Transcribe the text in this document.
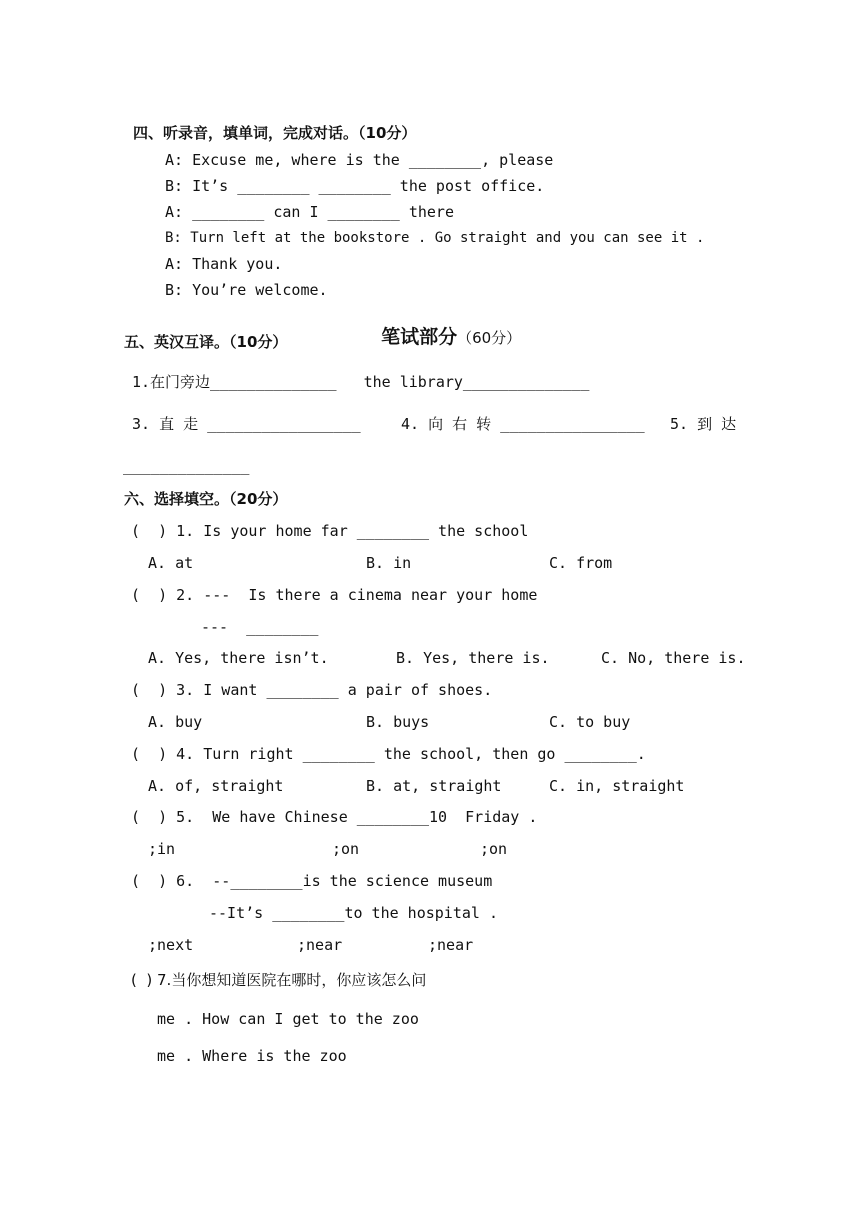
四、听录音，填单词，完成对话。（10分）
A: Excuse me, where is the ________, please
B: It’s ________ ________ the post office.
A: ________ can I ________ there
B: Turn left at the bookstore . Go straight and you can see it .
A: Thank you.
B: You’re welcome.

笔试部分（60分）

五、英汉互译。（10分）
1.在门旁边______________   the library______________
3. 直 走 _________________	4. 向 右 转 ________________ 5. 到 达
______________
六、选择填空。（20分）
(  ) 1. Is your home far ________ the school
A. at	B. in	C. from
(  ) 2. ---  Is there a cinema near your home
---  ________
A. Yes, there isn’t.	B. Yes, there is.	C. No, there is.
(  ) 3. I want ________ a pair of shoes.
A. buy	B. buys	C. to buy
(  ) 4. Turn right ________ the school, then go ________.
A. of, straight	B. at, straight	C. in, straight
(  ) 5.  We have Chinese ________10  Friday .
;in	;on	;on
(  ) 6.  --________is the science museum
--It’s ________to the hospital .
;next	;near	;near
(  ) 7.当你想知道医院在哪时，你应该怎么问
me . How can I get to the zoo
me . Where is the zoo
